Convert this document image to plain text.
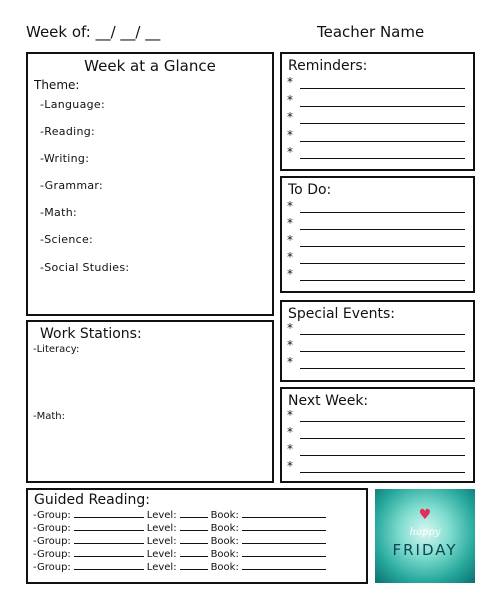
Week of: __/ __/ __	Teacher Name
Week at a Glance
Theme:
-Language:
-Reading:
-Writing:
-Grammar:
-Math:
-Science:
-Social Studies:
Work Stations:
-Literacy:
-Math:
Reminders:
*
*
*
*
*
To Do:
*
*
*
*
*
Special Events:
*
*
*
Next Week:
*
*
*
*
Guided Reading:
-Group:	Level:	Book:
-Group:	Level:	Book:
-Group:	Level:	Book:
-Group:	Level:	Book:
-Group:	Level:	Book:
♥
happy
FRIDAY
